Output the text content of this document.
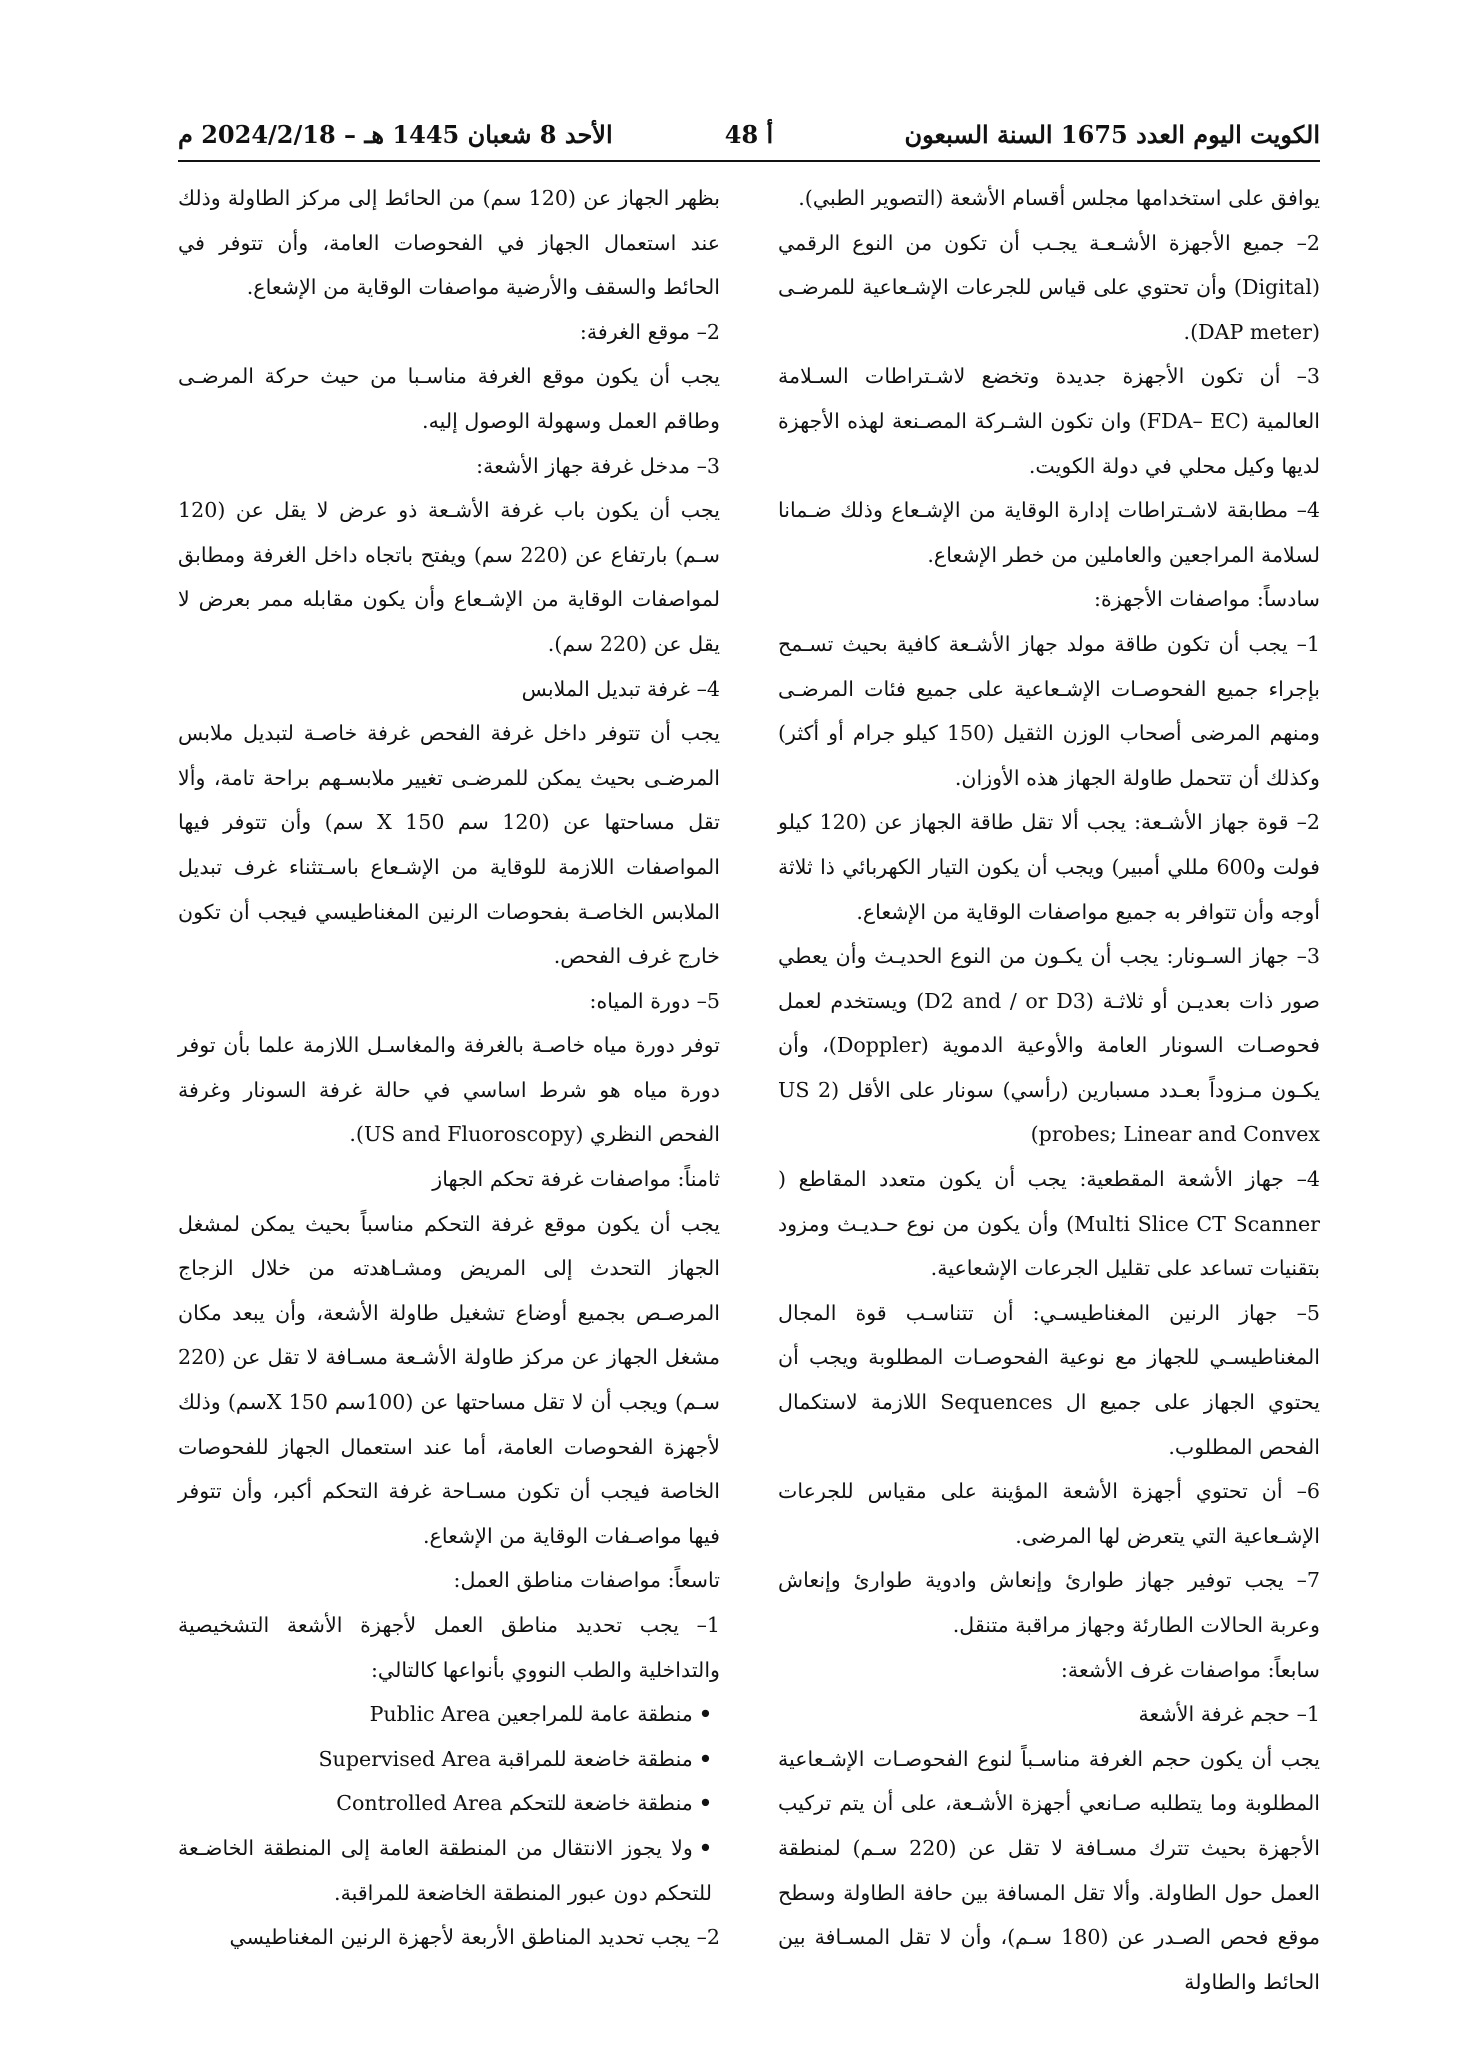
الكويت اليوم العدد 1675 السنة السبعون
أ 48
الأحد 8 شعبان 1445 هـ – 2024/2/18 م

يوافق على استخدامها مجلس أقسام الأشعة (التصوير الطبي).

2– جميع الأجهزة الأشـعـة يجـب أن تكون من النوع الرقمي (Digital) وأن تحتوي على قياس للجرعات الإشـعاعية للمرضـى (DAP meter).

3– أن تكون الأجهزة جديدة وتخضع لاشـتراطات السـلامة العالمية (FDA– EC) وان تكون الشـركة المصـنعة لهذه الأجهزة لديها وكيل محلي في دولة الكويت.

4– مطابقة لاشـتراطات إدارة الوقاية من الإشـعاع وذلك ضـمانا لسلامة المراجعين والعاملين من خطر الإشعاع.

سادساً: مواصفات الأجهزة:

1– يجب أن تكون طاقة مولد جهاز الأشـعة كافية بحيث تسـمح بإجراء جميع الفحوصـات الإشـعاعية على جميع فئات المرضـى ومنهم المرضى أصحاب الوزن الثقيل (150 كيلو جرام أو أكثر) وكذلك أن تتحمل طاولة الجهاز هذه الأوزان.

2– قوة جهاز الأشـعة: يجب ألا تقل طاقة الجهاز عن (120 كيلو فولت و600 مللي أمبير) ويجب أن يكون التيار الكهربائي ذا ثلاثة أوجه وأن تتوافر به جميع مواصفات الوقاية من الإشعاع.

3– جهاز السـونار: يجب أن يكـون من النوع الحديـث وأن يعطي صور ذات بعديـن أو ثلاثـة (D2 and / or D3) ويستخدم لعمل فحوصـات السونار العامة والأوعية الدموية (Doppler)، وأن يكـون مـزوداً بعـدد مسبارين (رأسي) سونار على الأقل (2 US probes; Linear and Convex)

4– جهاز الأشعة المقطعية: يجب أن يكون متعدد المقاطع ( Multi Slice CT Scanner) وأن يكون من نوع حـديـث ومزود بتقنيات تساعد على تقليل الجرعات الإشعاعية.

5– جهاز الرنين المغناطيسـي: أن تتناسـب قوة المجال المغناطيسـي للجهاز مع نوعية الفحوصـات المطلوبة ويجب أن يحتوي الجهاز على جميع ال Sequences اللازمة لاستكمال الفحص المطلوب.

6– أن تحتوي أجهزة الأشعة المؤينة على مقياس للجرعات الإشـعاعية التي يتعرض لها المرضى.

7– يجب توفير جهاز طوارئ وإنعاش وادوية طوارئ وإنعاش وعربة الحالات الطارئة وجهاز مراقبة متنقل.

سابعاً: مواصفات غرف الأشعة:

1– حجم غرفة الأشعة

يجب أن يكون حجم الغرفة مناسـباً لنوع الفحوصـات الإشـعاعية المطلوبة وما يتطلبه صـانعي أجهزة الأشـعة، على أن يتم تركيب الأجهزة بحيث تترك مسـافة لا تقل عن (220 سـم) لمنطقة العمل حول الطاولة. وألا تقل المسافة بين حافة الطاولة وسطح موقع فحص الصـدر عن (180 سـم)، وأن لا تقل المسـافة بين الحائط والطاولة

بظهر الجهاز عن (120 سم) من الحائط إلى مركز الطاولة وذلك عند استعمال الجهاز في الفحوصات العامة، وأن تتوفر في الحائط والسقف والأرضية مواصفات الوقاية من الإشعاع.

2– موقع الغرفة:

يجب أن يكون موقع الغرفة مناسـبا من حيث حركة المرضـى وطاقم العمل وسهولة الوصول إليه.

3– مدخل غرفة جهاز الأشعة:

يجب أن يكون باب غرفة الأشـعة ذو عرض لا يقل عن (120 سـم) بارتفاع عن (220 سم) ويفتح باتجاه داخل الغرفة ومطابق لمواصفات الوقاية من الإشـعاع وأن يكون مقابله ممر بعرض لا يقل عن (220 سم).

4– غرفة تبديل الملابس

يجب أن تتوفر داخل غرفة الفحص غرفة خاصـة لتبديل ملابس المرضـى بحيث يمكن للمرضـى تغيير ملابسـهم براحة تامة، وألا تقل مساحتها عن (120 سم X 150 سم) وأن تتوفر فيها المواصفات اللازمة للوقاية من الإشـعاع باسـتثناء غرف تبديل الملابس الخاصـة بفحوصات الرنين المغناطيسي فيجب أن تكون خارج غرف الفحص.

5– دورة المياه:

توفر دورة مياه خاصـة بالغرفة والمغاسـل اللازمة علما بأن توفر دورة مياه هو شرط اساسي في حالة غرفة السونار وغرفة الفحص النظري (US and Fluoroscopy).

ثامناً: مواصفات غرفة تحكم الجهاز

يجب أن يكون موقع غرفة التحكم مناسباً بحيث يمكن لمشغل الجهاز التحدث إلى المريض ومشـاهدته من خلال الزجاج المرصـص بجميع أوضاع تشغيل طاولة الأشعة، وأن يبعد مكان مشغل الجهاز عن مركز طاولة الأشـعة مسـافة لا تقل عن (220 سـم) ويجب أن لا تقل مساحتها عن (100سم X 150سم) وذلك لأجهزة الفحوصات العامة، أما عند استعمال الجهاز للفحوصات الخاصة فيجب أن تكون مسـاحة غرفة التحكم أكبر، وأن تتوفر فيها مواصـفات الوقاية من الإشعاع.

تاسعاً: مواصفات مناطق العمل:

1– يجب تحديد مناطق العمل لأجهزة الأشعة التشخيصية والتداخلية والطب النووي بأنواعها كالتالي:

•منطقة عامة للمراجعين Public Area

•منطقة خاضعة للمراقبة Supervised Area

•منطقة خاضعة للتحكم Controlled Area

•ولا يجوز الانتقال من المنطقة العامة إلى المنطقة الخاضـعة للتحكم دون عبور المنطقة الخاضعة للمراقبة.

2– يجب تحديد المناطق الأربعة لأجهزة الرنين المغناطيسي
